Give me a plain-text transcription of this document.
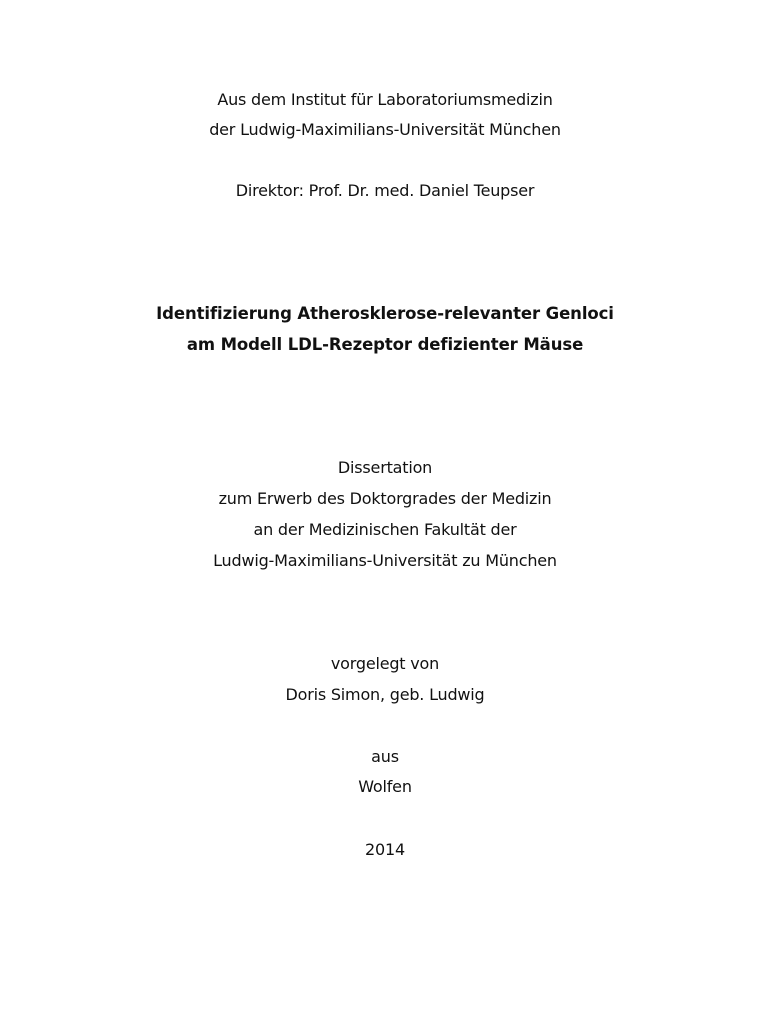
Aus dem Institut für Laboratoriumsmedizin
der Ludwig-Maximilians-Universität München
Direktor: Prof. Dr. med. Daniel Teupser
Identifizierung Atherosklerose-relevanter Genloci
am Modell LDL-Rezeptor defizienter Mäuse
Dissertation
zum Erwerb des Doktorgrades der Medizin
an der Medizinischen Fakultät der
Ludwig-Maximilians-Universität zu München
vorgelegt von
Doris Simon, geb. Ludwig
aus
Wolfen
2014
